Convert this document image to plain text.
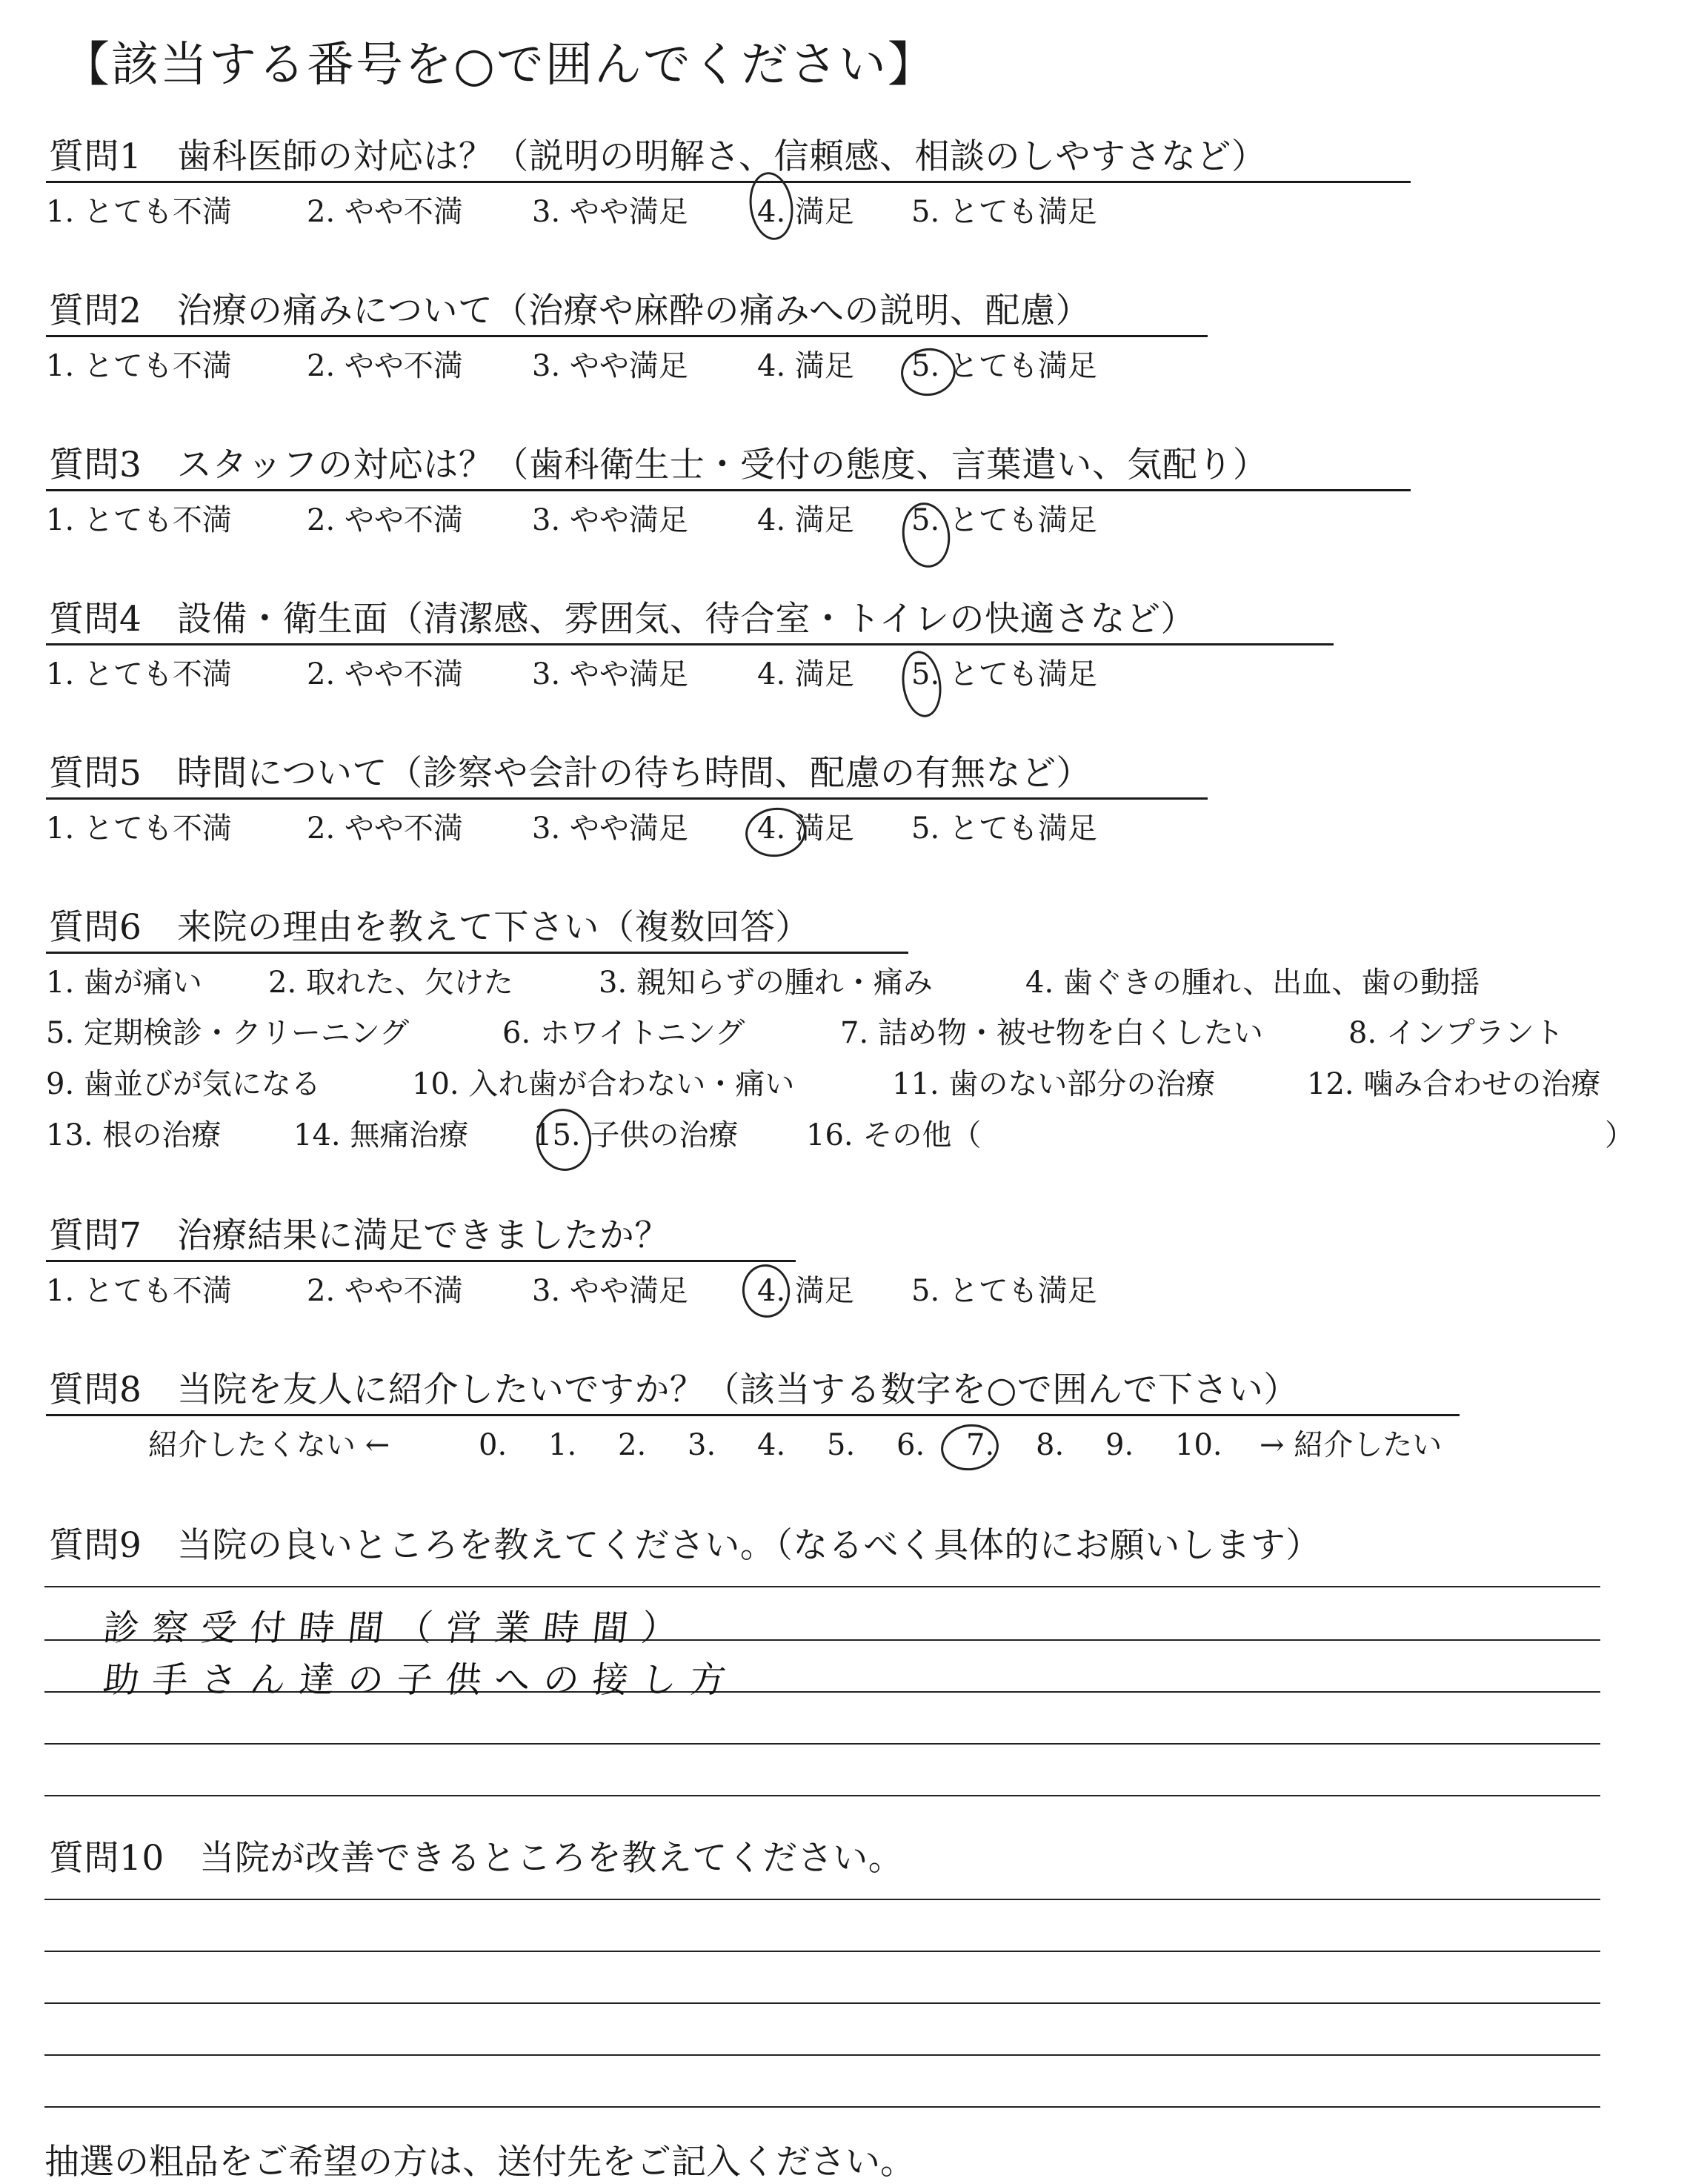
【該当する番号を○で囲んでください】
質問1　歯科医師の対応は？（説明の明解さ、信頼感、相談のしやすさなど）
1. とても不満	2. やや不満 3. やや満足 4. 満足 5. とても満足
質問2　治療の痛みについて（治療や麻酔の痛みへの説明、配慮）
1. とても不満	2. やや不満 3. やや満足 4. 満足 5. とても満足
質問3　スタッフの対応は？（歯科衛生士・受付の態度、言葉遣い、気配り）
1. とても不満	2. やや不満 3. やや満足 4. 満足 5. とても満足
質問4　設備・衛生面（清潔感、雰囲気、待合室・トイレの快適さなど）
1. とても不満	2. やや不満 3. やや満足 4. 満足 5. とても満足
質問5　時間について（診察や会計の待ち時間、配慮の有無など）
1. とても不満	2. やや不満 3. やや満足 4. 満足 5. とても満足
質問6　来院の理由を教えて下さい（複数回答）
1. 歯が痛い 2. 取れた、欠けた	3. 親知らずの腫れ・痛み	4. 歯ぐきの腫れ、出血、歯の動揺
5. 定期検診・クリーニング	6. ホワイトニング	7. 詰め物・被せ物を白くしたい	8. インプラント
9. 歯並びが気になる	10. 入れ歯が合わない・痛い	11. 歯のない部分の治療	12. 噛み合わせの治療
13. 根の治療 14. 無痛治療 15. 子供の治療 16. その他（	）
質問7　治療結果に満足できましたか？
1. とても不満	2. やや不満 3. やや満足 4. 満足 5. とても満足
質問8　当院を友人に紹介したいですか？（該当する数字を○で囲んで下さい）
紹介したくない ←	0. 1. 2. 3. 4. 5. 6. 7. 8. 9. 10. → 紹介したい
質問9　当院の良いところを教えてください。（なるべく具体的にお願いします）
診察受付時間（営業時間）
助手さん達の子供への接し方
質問10　当院が改善できるところを教えてください。
抽選の粗品をご希望の方は、送付先をご記入ください。
